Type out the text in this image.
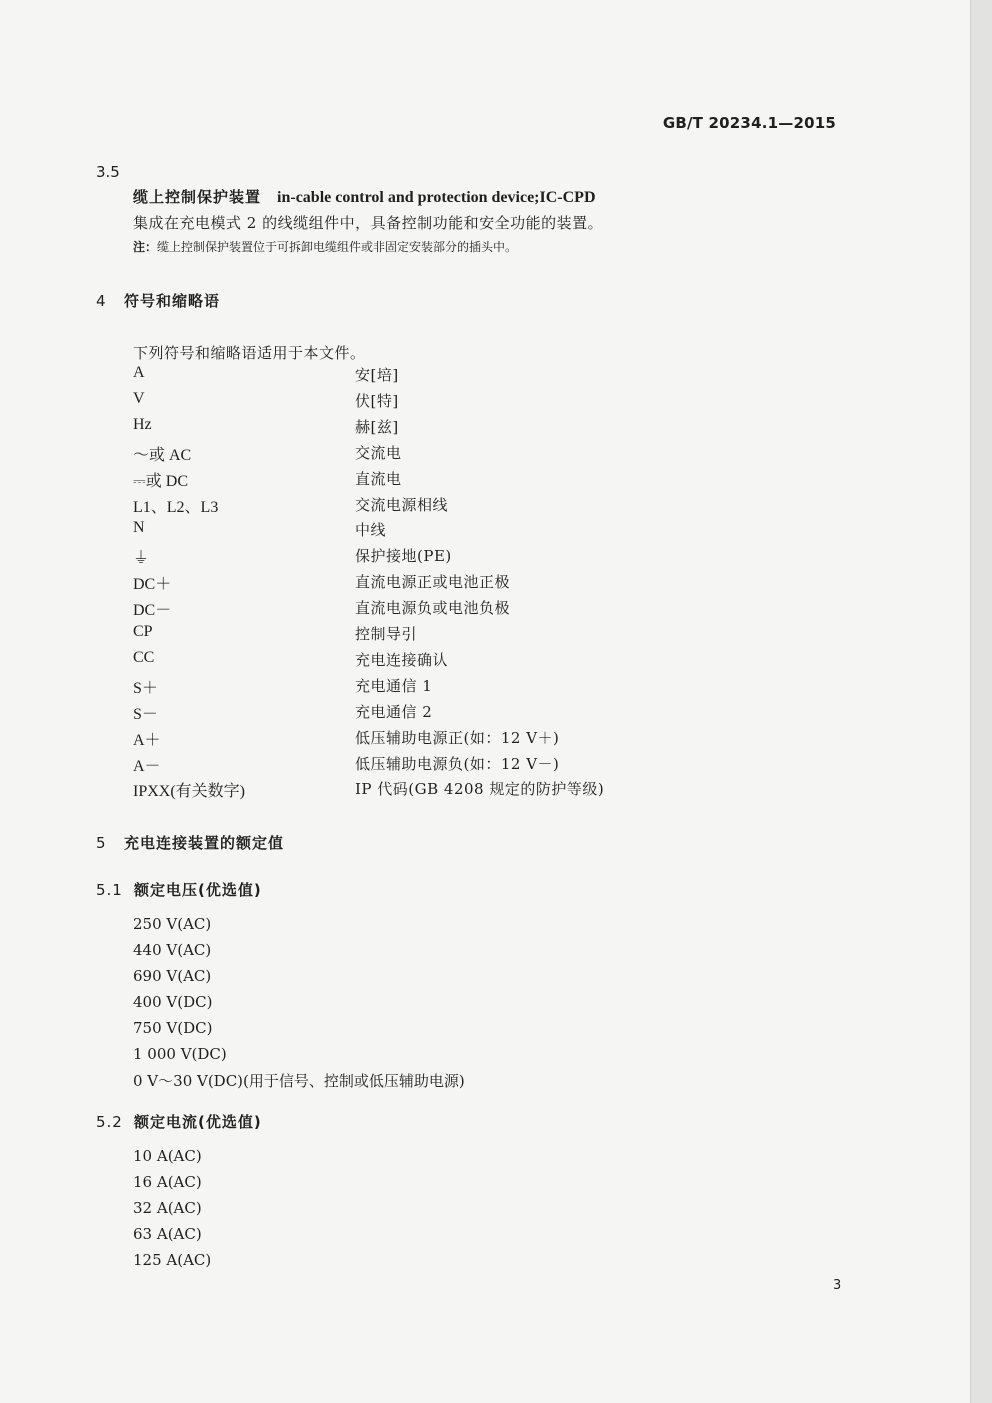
GB/T 20234.1—2015
3.5
缆上控制保护装置 in-cable control and protection device;IC-CPD
集成在充电模式 2 的线缆组件中，具备控制功能和安全功能的装置。
注：缆上控制保护装置位于可拆卸电缆组件或非固定安装部分的插头中。
4 符号和缩略语
下列符号和缩略语适用于本文件。
A	安[培]
V	伏[特]
Hz	赫[兹]
～或 AC	交流电
⎓或 DC	直流电
L1、L2、L3	交流电源相线
N	中线
⏚	保护接地(PE)
DC＋	直流电源正或电池正极
DC－	直流电源负或电池负极
CP	控制导引
CC	充电连接确认
S＋	充电通信 1
S－	充电通信 2
A＋	低压辅助电源正(如：12 V＋)
A－	低压辅助电源负(如：12 V－)
IPXX(有关数字)	IP 代码(GB 4208 规定的防护等级)
5 充电连接装置的额定值
5.1 额定电压(优选值)
250 V(AC)
440 V(AC)
690 V(AC)
400 V(DC)
750 V(DC)
1 000 V(DC)
0 V～30 V(DC)(用于信号、控制或低压辅助电源)
5.2 额定电流(优选值)
10 A(AC)
16 A(AC)
32 A(AC)
63 A(AC)
125 A(AC)
3
